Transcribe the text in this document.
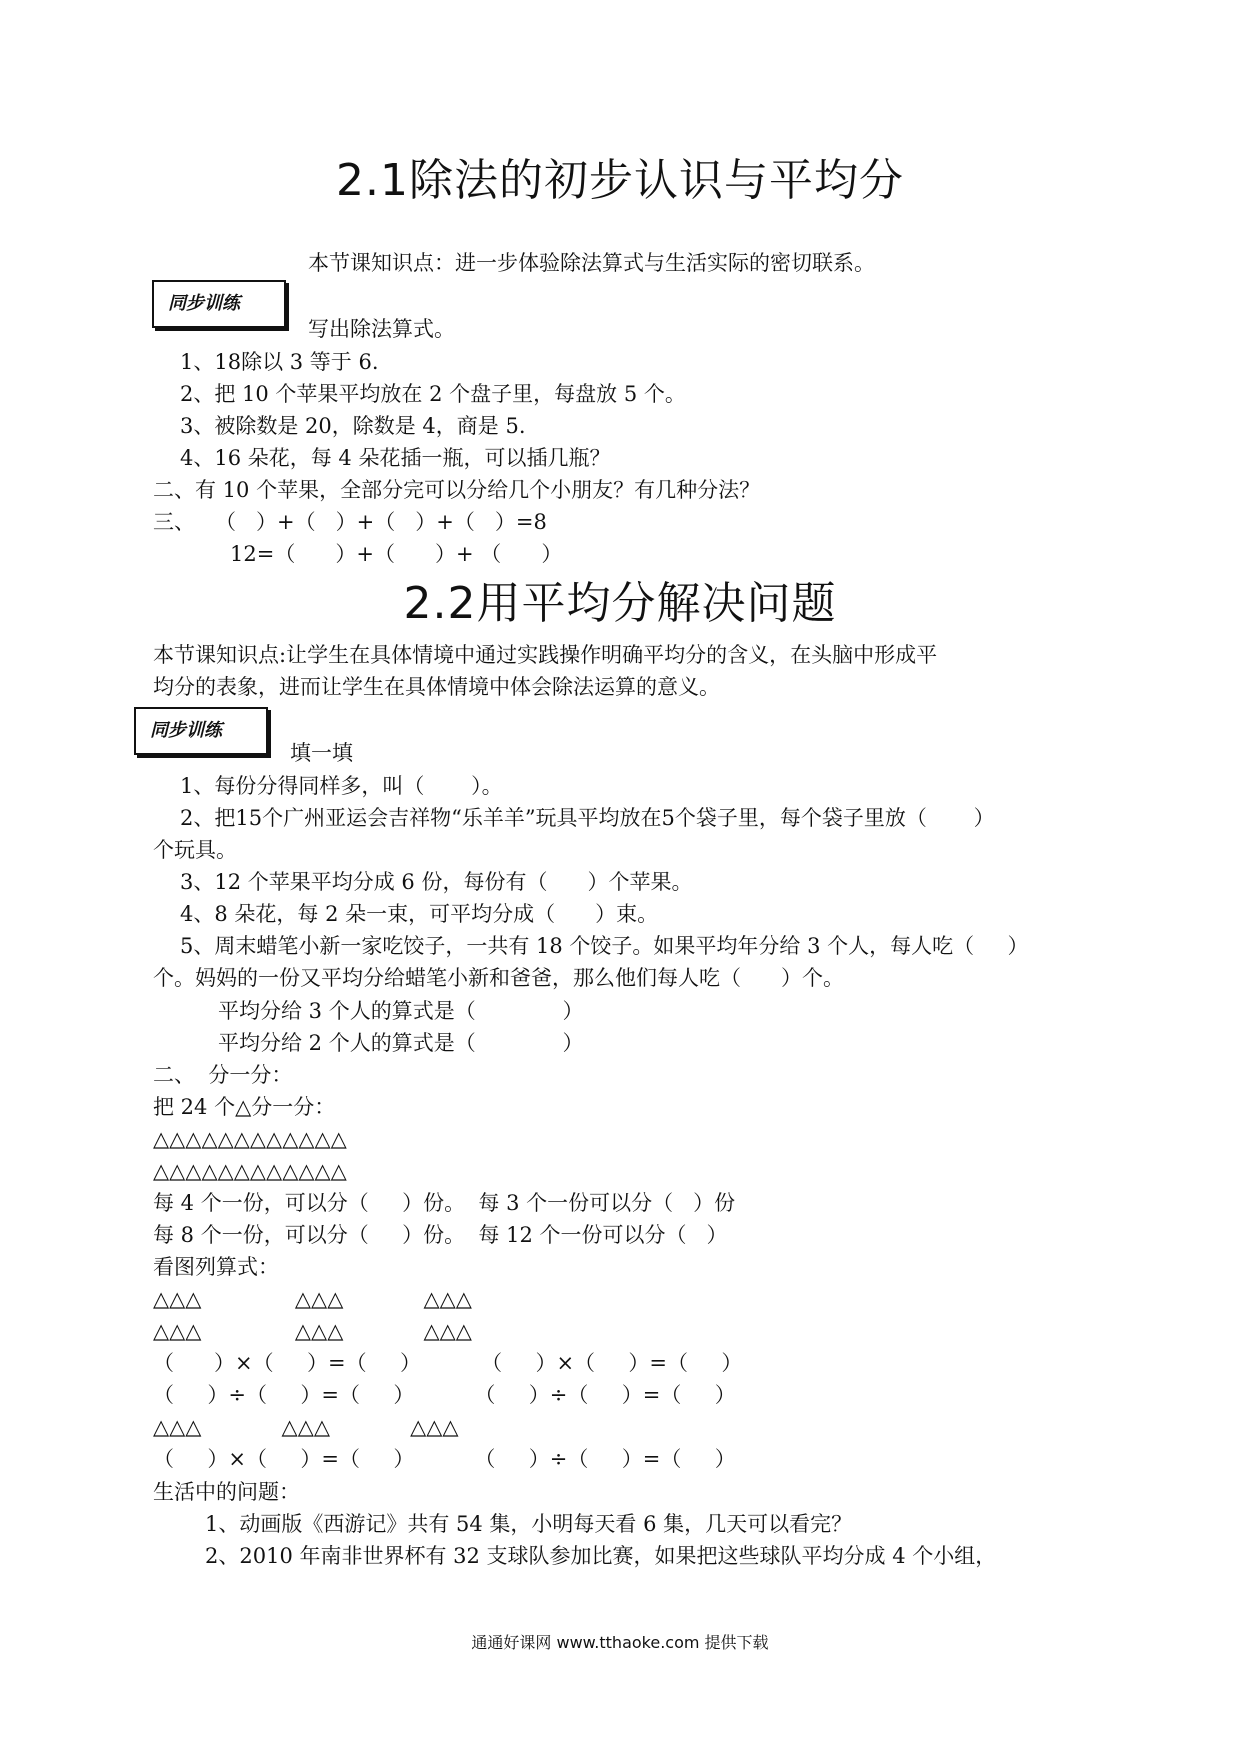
2.1除法的初步认识与平均分
本节课知识点：进一步体验除法算式与生活实际的密切联系。
同步训练
写出除法算式。
1、18除以 3 等于 6.
2、把 10 个苹果平均放在 2 个盘子里，每盘放 5 个。
3、被除数是 20，除数是 4，商是 5.
4、16 朵花，每 4 朵花插一瓶，可以插几瓶？
二、有 10 个苹果，全部分完可以分给几个小朋友？有几种分法？
三、   （   ）+（   ）+（   ）+（   ）=8
12=（      ）+（      ）+ （      ）
2.2用平均分解决问题
本节课知识点:让学生在具体情境中通过实践操作明确平均分的含义，在头脑中形成平
均分的表象，进而让学生在具体情境中体会除法运算的意义。
同步训练
填一填
1、每份分得同样多，叫（       ）。
2、把15个广州亚运会吉祥物“乐羊羊”玩具平均放在5个袋子里，每个袋子里放（       ）
个玩具。
3、12 个苹果平均分成 6 份，每份有（      ）个苹果。
4、8 朵花，每 2 朵一束，可平均分成（      ）束。
5、周末蜡笔小新一家吃饺子，一共有 18 个饺子。如果平均年分给 3 个人，每人吃（     ）
个。妈妈的一份又平均分给蜡笔小新和爸爸，那么他们每人吃（      ）个。
平均分给 3 个人的算式是（             ）
平均分给 2 个人的算式是（             ）
二、  分一分：
把 24 个△分一分：
△△△△△△△△△△△△
△△△△△△△△△△△△
每 4 个一份，可以分（     ）份。  每 3 个一份可以分（   ）份
每 8 个一份，可以分（     ）份。  每 12 个一份可以分（   ）
看图列算式：
△△△              △△△            △△△
△△△              △△△            △△△
（      ）×（     ）=（     ）         （     ）×（     ）=（     ）
（     ）÷（     ）=（     ）         （     ）÷（     ）=（     ）
△△△            △△△            △△△
（     ）×（     ）=（     ）         （     ）÷（     ）=（     ）
生活中的问题：
1、动画版《西游记》共有 54 集，小明每天看 6 集，几天可以看完？
2、2010 年南非世界杯有 32 支球队参加比赛，如果把这些球队平均分成 4 个小组，
通通好课网 www.tthaoke.com 提供下载
